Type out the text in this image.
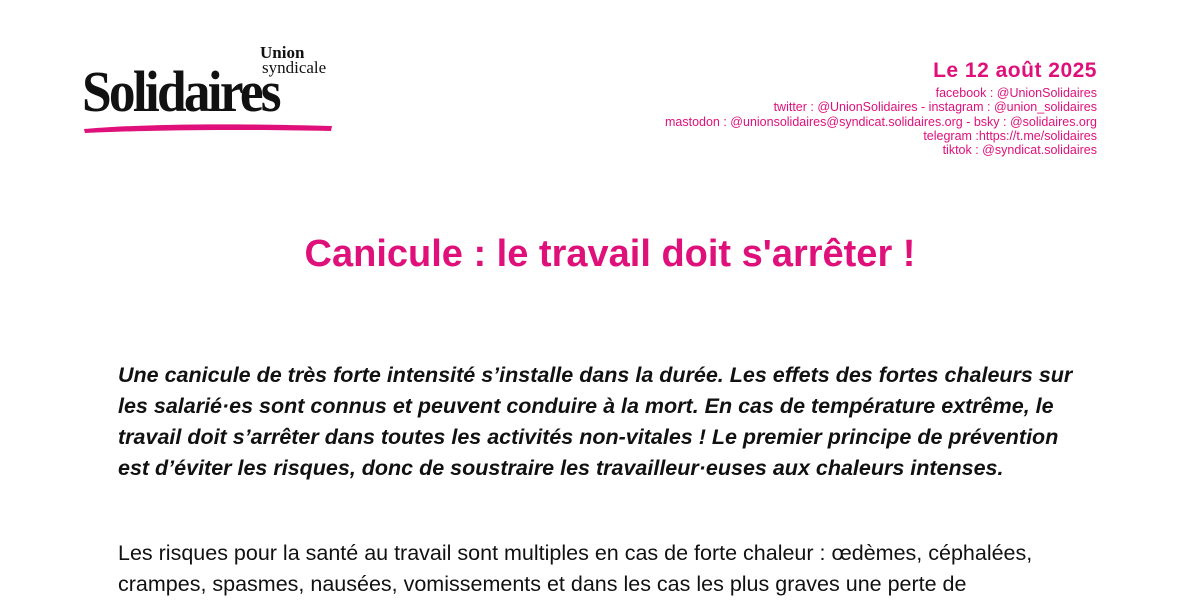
Union
syndicale
Solidaires	Le 12 août 2025
facebook : @UnionSolidaires
twitter : @UnionSolidaires - instagram : @union_solidaires
mastodon : @unionsolidaires@syndicat.solidaires.org - bsky : @solidaires.org
telegram :https://t.me/solidaires
tiktok : @syndicat.solidaires
Canicule : le travail doit s'arrêter !

Une canicule de très forte intensité s’installe dans la durée. Les effets des fortes chaleurs sur les salarié·es sont connus et peuvent conduire à la mort. En cas de température extrême, le travail doit s’arrêter dans toutes les activités non-vitales ! Le premier principe de prévention est d’éviter les risques, donc de soustraire les travailleur·euses aux chaleurs intenses.

Les risques pour la santé au travail sont multiples en cas de forte chaleur : œdèmes, céphalées, crampes, spasmes, nausées, vomissements et dans les cas les plus graves une perte de
